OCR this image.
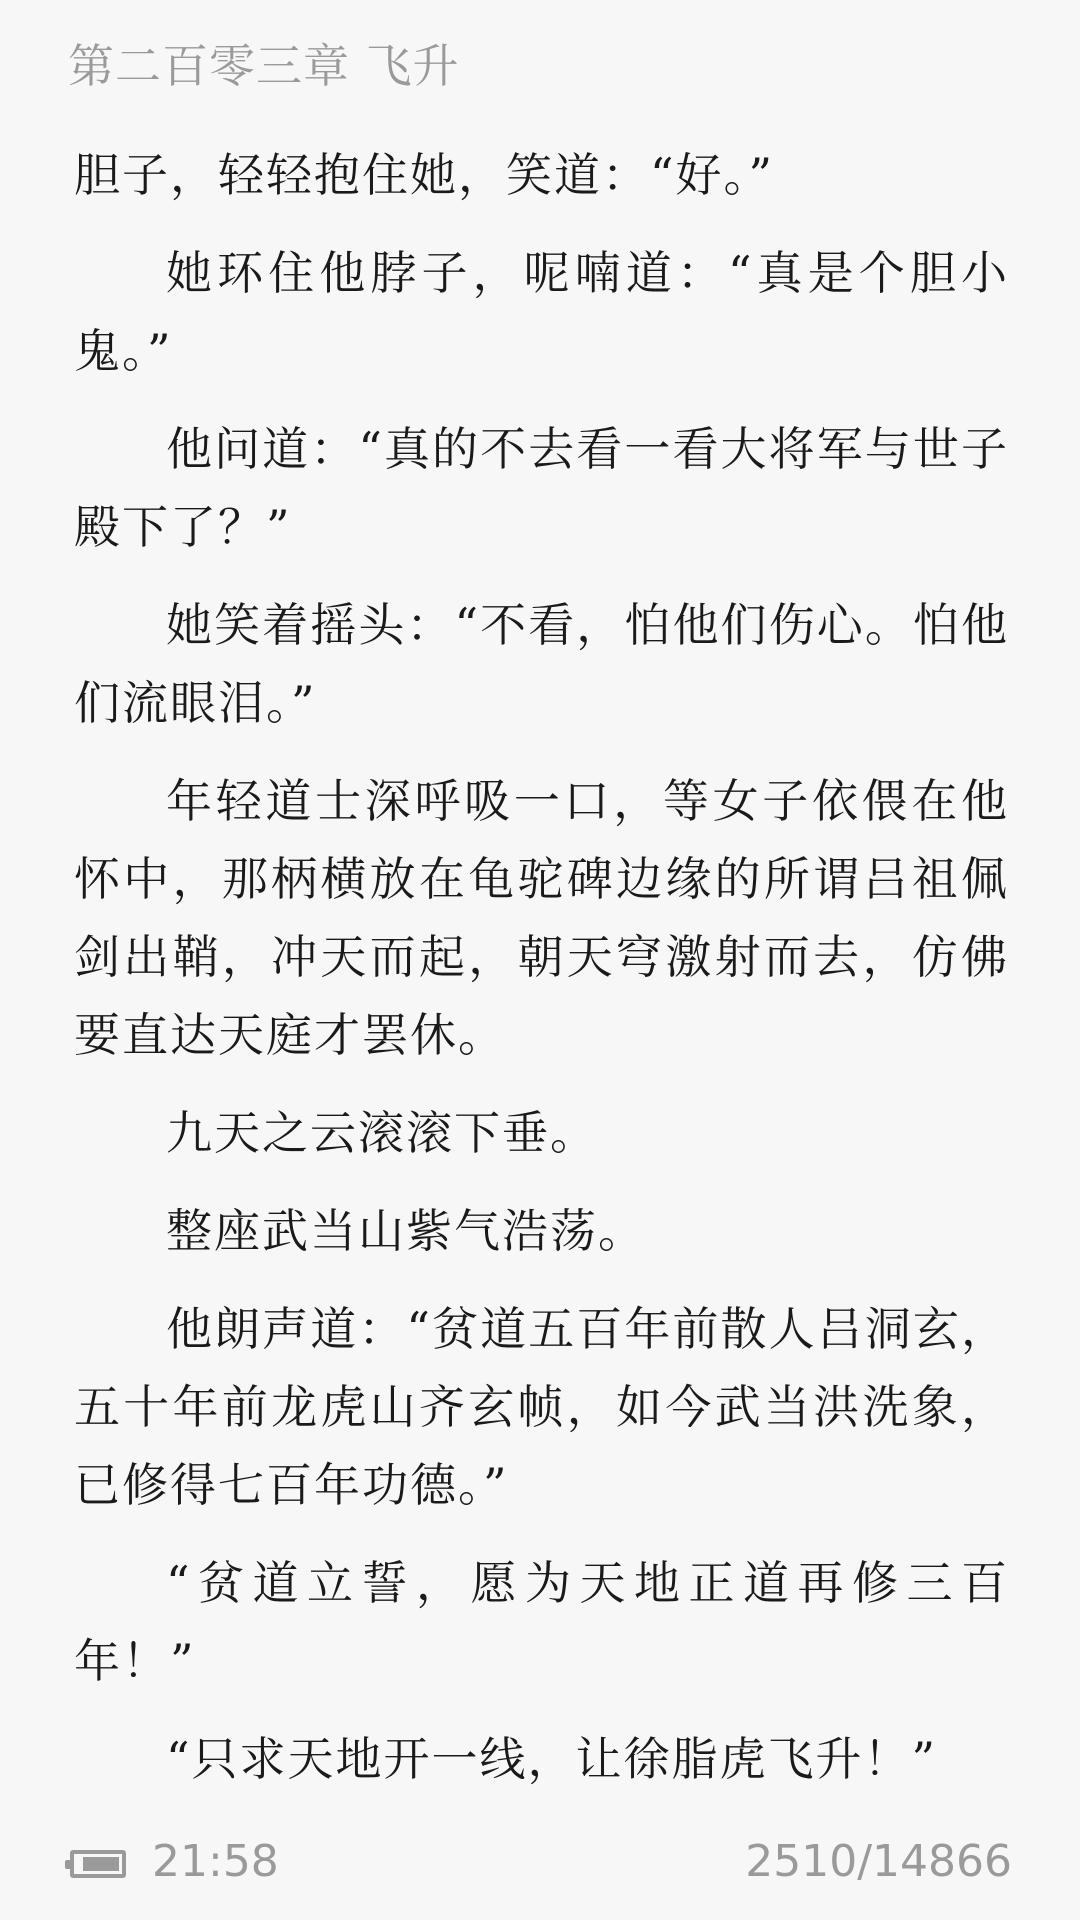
第二百零三章 飞升

胆子，轻轻抱住她，笑道：“好。”

她环住他脖子，呢喃道：“真是个胆小鬼。”

他问道：“真的不去看一看大将军与世子殿下了？”

她笑着摇头：“不看，怕他们伤心。怕他们流眼泪。”

年轻道士深呼吸一口，等女子依偎在他怀中，那柄横放在龟驼碑边缘的所谓吕祖佩剑出鞘，冲天而起，朝天穹激射而去，仿佛要直达天庭才罢休。

九天之云滚滚下垂。

整座武当山紫气浩荡。

他朗声道：“贫道五百年前散人吕洞玄，五十年前龙虎山齐玄帧，如今武当洪洗象，已修得七百年功德。”

“贫道立誓，愿为天地正道再修三百年！”

“只求天地开一线，让徐脂虎飞升！”

21:58	2510/14866
